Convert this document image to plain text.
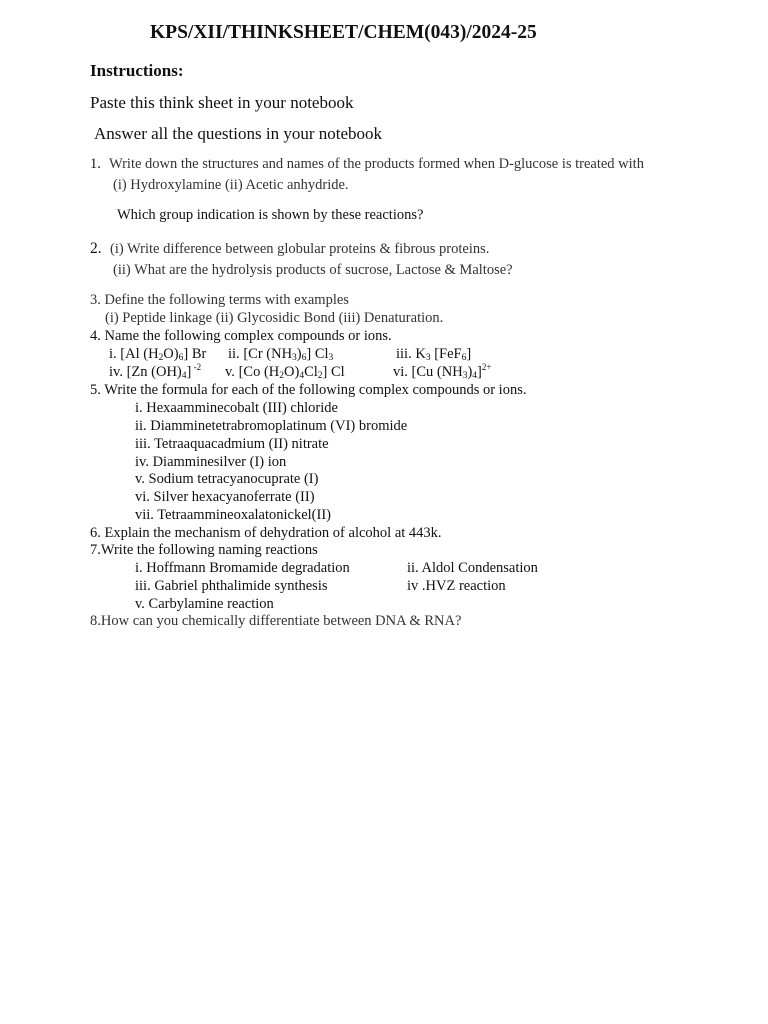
KPS/XII/THINKSHEET/CHEM(043)/2024-25
Instructions:
Paste this think sheet in your notebook
Answer all the questions in your notebook
1. Write down the structures and names of the products formed when D-glucose is treated with
(i) Hydroxylamine (ii) Acetic anhydride.
Which group indication is shown by these reactions?
2. (i) Write difference between globular proteins & fibrous proteins.
(ii) What are the hydrolysis products of sucrose, Lactose & Maltose?
3. Define the following terms with examples
(i) Peptide linkage (ii) Glycosidic Bond (iii) Denaturation.
4. Name the following complex compounds or ions.
i. [Al $(H_2O)_6$] Br ii. [Cr $(NH_3)_6$] $Cl_3$	iii. $K_3$ [FeF$_6$]
iv. [Zn $(OH)_4$] $^{-2}$ v. [Co $(H_2O)_4Cl_2$] Cl	vi. [Cu $(NH_3)_4]^{2+}$
5. Write the formula for each of the following complex compounds or ions.
i. Hexaamminecobalt (III) chloride
ii. Diamminetetrabromoplatinum (VI) bromide
iii. Tetraaquacadmium (II) nitrate
iv. Diamminesilver (I) ion
v. Sodium tetracyanocuprate (I)
vi. Silver hexacyanoferrate (II)
vii. Tetraammineoxalatonickel(II)
6. Explain the mechanism of dehydration of alcohol at 443k.
7.Write the following naming reactions
i. Hoffmann Bromamide degradation	ii. Aldol Condensation
iii. Gabriel phthalimide synthesis	iv .HVZ reaction
v. Carbylamine reaction
8.How can you chemically differentiate between DNA & RNA?
